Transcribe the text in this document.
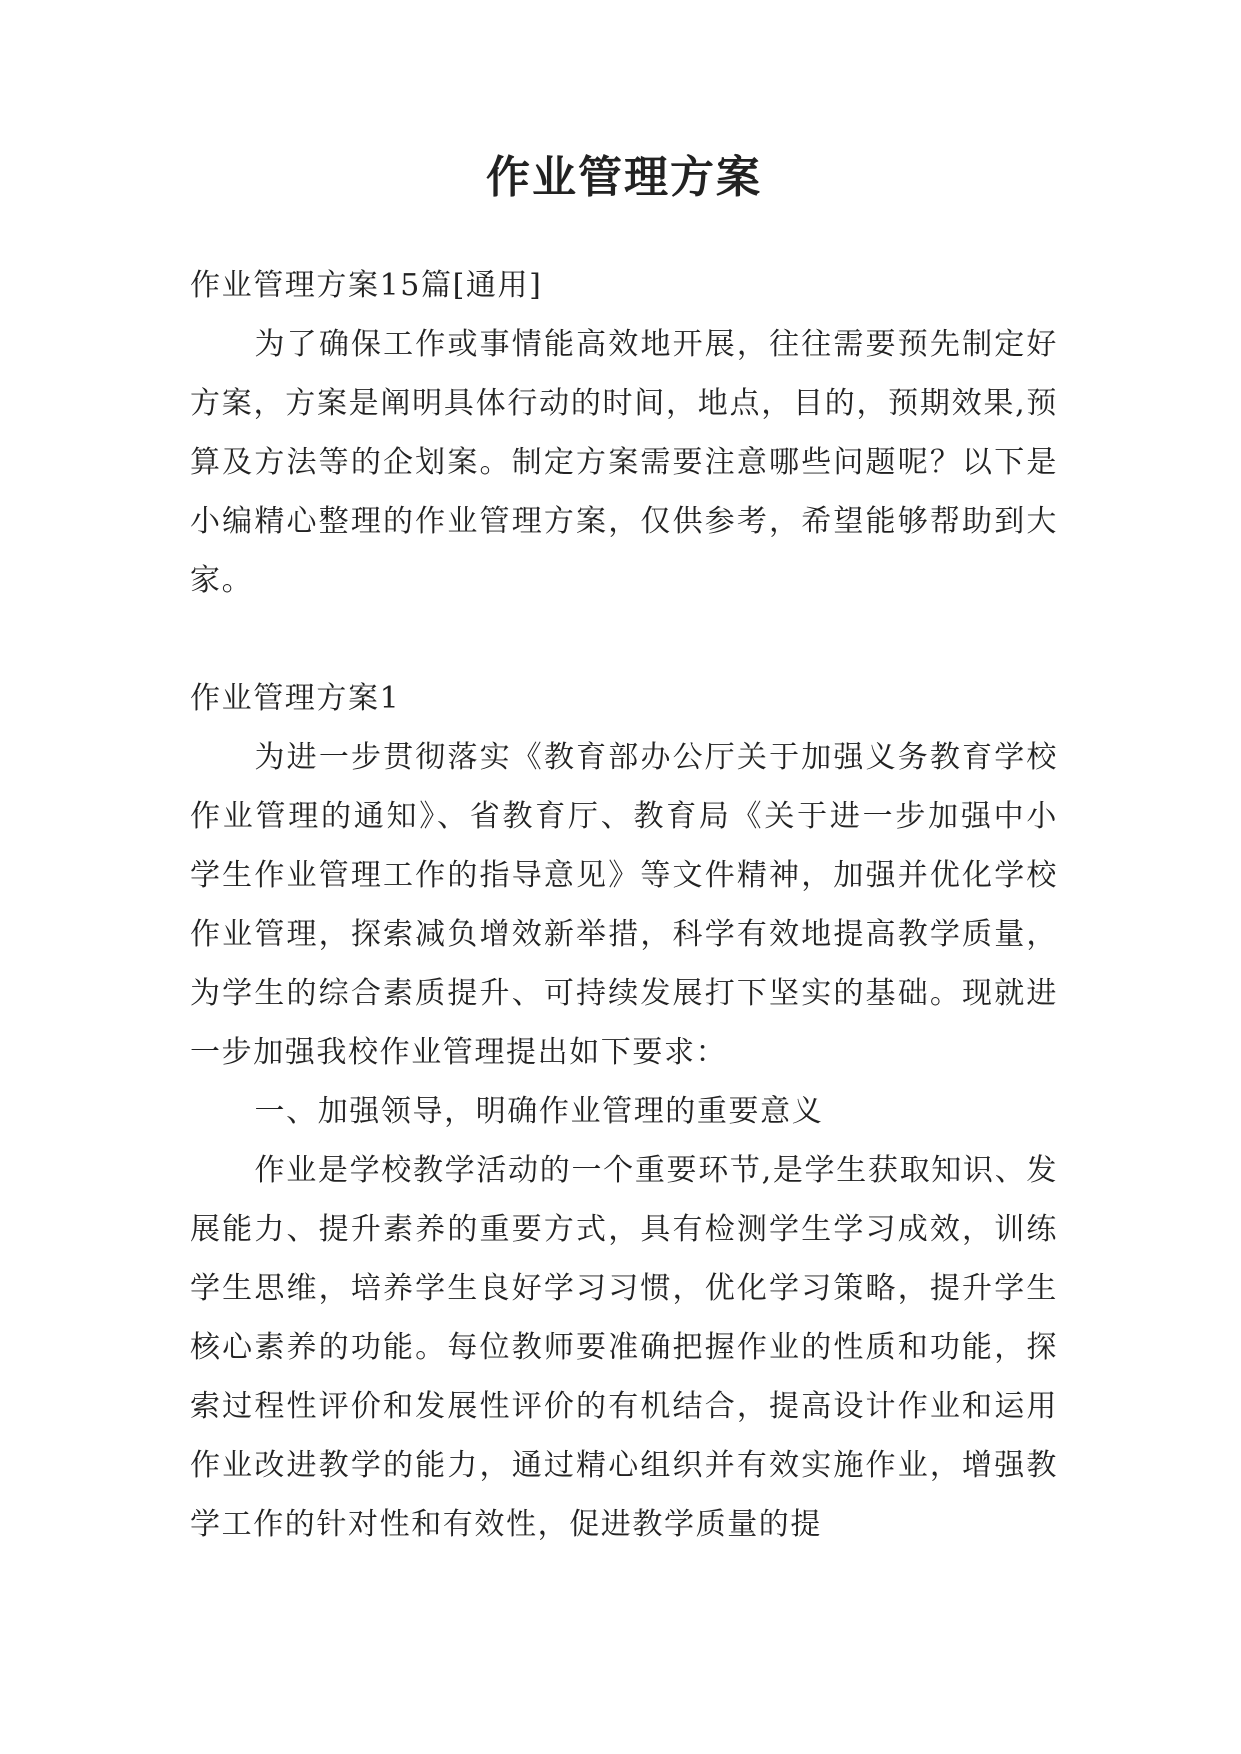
作业管理方案

作业管理方案15篇[通用]

为了确保工作或事情能高效地开展，往往需要预先制定好方案，方案是阐明具体行动的时间，地点，目的，预期效果,预算及方法等的企划案。制定方案需要注意哪些问题呢？以下是小编精心整理的作业管理方案，仅供参考，希望能够帮助到大家。

作业管理方案1

为进一步贯彻落实《教育部办公厅关于加强义务教育学校作业管理的通知》、省教育厅、教育局《关于进一步加强中小学生作业管理工作的指导意见》等文件精神，加强并优化学校作业管理，探索减负增效新举措，科学有效地提高教学质量，为学生的综合素质提升、可持续发展打下坚实的基础。现就进一步加强我校作业管理提出如下要求：

一、加强领导，明确作业管理的重要意义

作业是学校教学活动的一个重要环节,是学生获取知识、发展能力、提升素养的重要方式，具有检测学生学习成效，训练学生思维，培养学生良好学习习惯，优化学习策略，提升学生核心素养的功能。每位教师要准确把握作业的性质和功能，探索过程性评价和发展性评价的有机结合，提高设计作业和运用作业改进教学的能力，通过精心组织并有效实施作业，增强教学工作的针对性和有效性，促进教学质量的提
